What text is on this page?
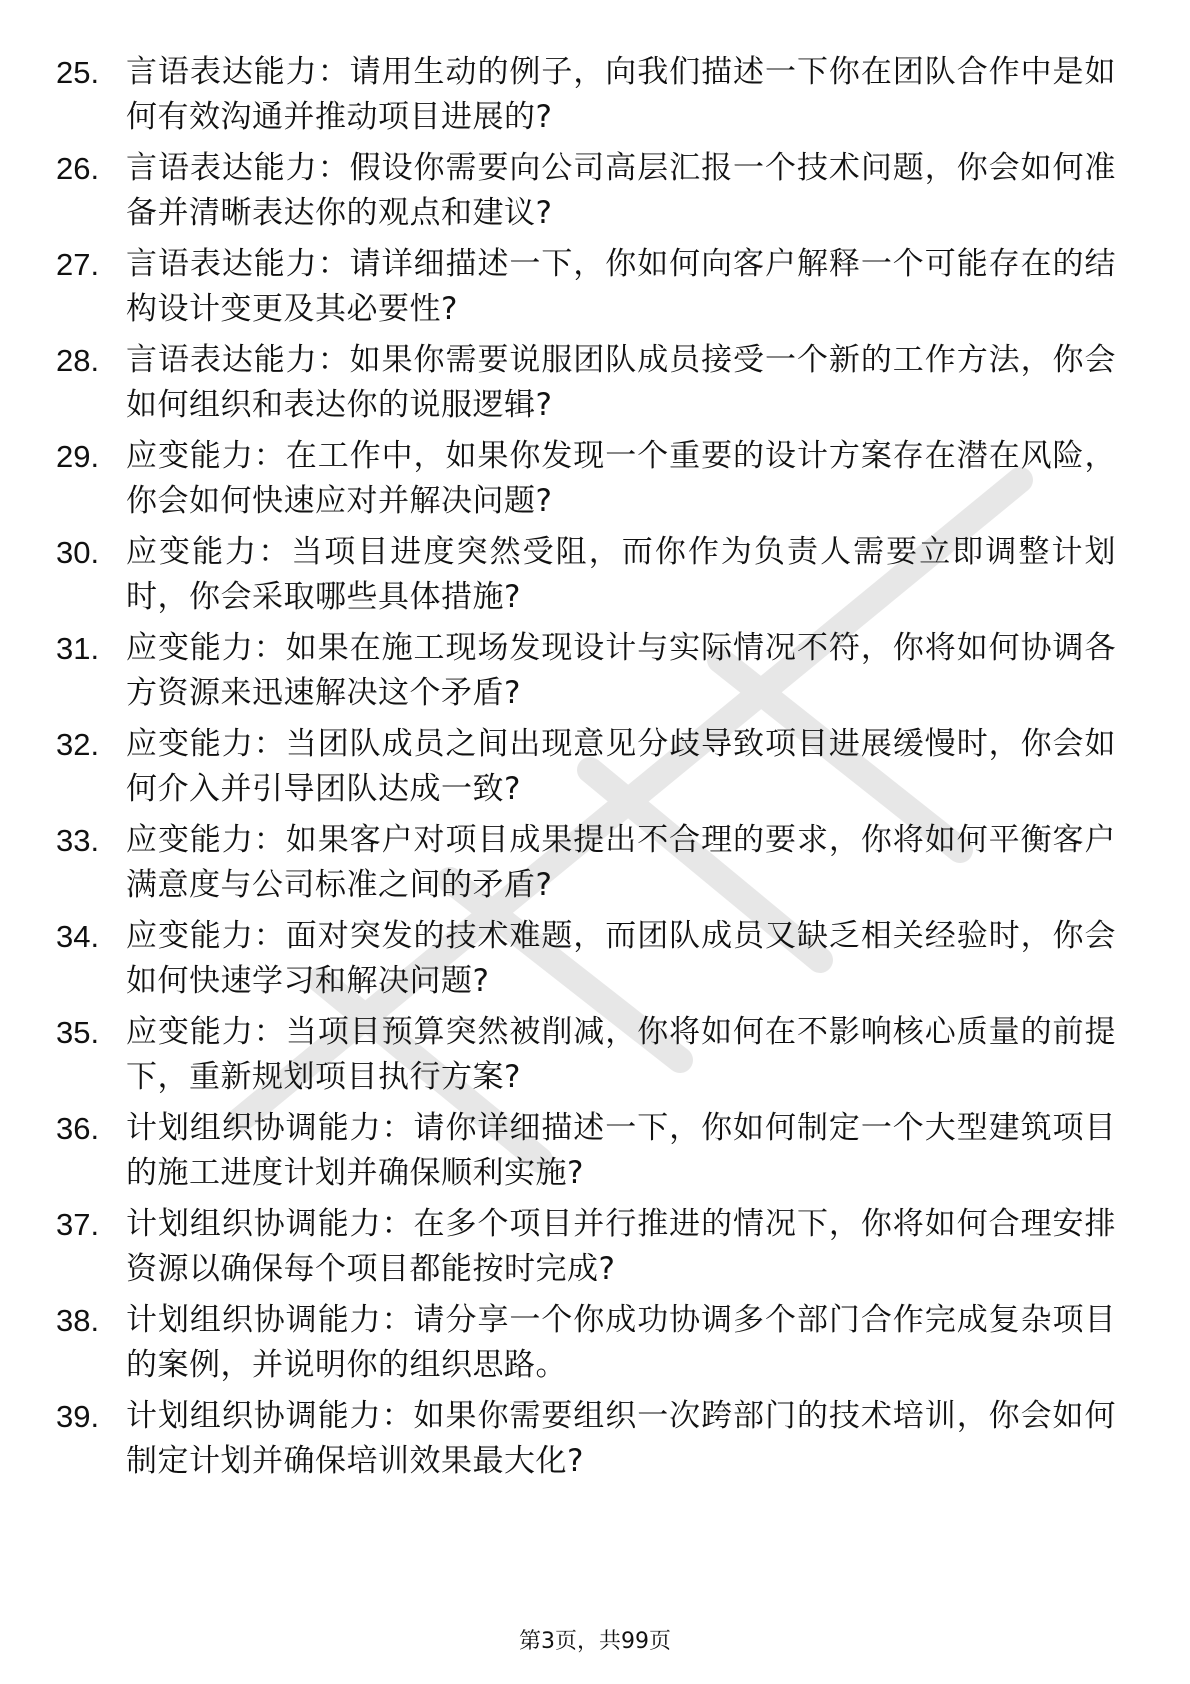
25. 言语表达能力：请用生动的例子，向我们描述一下你在团队合作中是如何有效沟通并推动项目进展的?
26. 言语表达能力：假设你需要向公司高层汇报一个技术问题，你会如何准备并清晰表达你的观点和建议?
27. 言语表达能力：请详细描述一下，你如何向客户解释一个可能存在的结构设计变更及其必要性?
28. 言语表达能力：如果你需要说服团队成员接受一个新的工作方法，你会如何组织和表达你的说服逻辑?
29. 应变能力：在工作中，如果你发现一个重要的设计方案存在潜在风险，你会如何快速应对并解决问题?
30. 应变能力：当项目进度突然受阻，而你作为负责人需要立即调整计划时，你会采取哪些具体措施?
31. 应变能力：如果在施工现场发现设计与实际情况不符，你将如何协调各方资源来迅速解决这个矛盾?
32. 应变能力：当团队成员之间出现意见分歧导致项目进展缓慢时，你会如何介入并引导团队达成一致?
33. 应变能力：如果客户对项目成果提出不合理的要求，你将如何平衡客户满意度与公司标准之间的矛盾?
34. 应变能力：面对突发的技术难题，而团队成员又缺乏相关经验时，你会如何快速学习和解决问题?
35. 应变能力：当项目预算突然被削减，你将如何在不影响核心质量的前提下，重新规划项目执行方案?
36. 计划组织协调能力：请你详细描述一下，你如何制定一个大型建筑项目的施工进度计划并确保顺利实施?
37. 计划组织协调能力：在多个项目并行推进的情况下，你将如何合理安排资源以确保每个项目都能按时完成?
38. 计划组织协调能力：请分享一个你成功协调多个部门合作完成复杂项目的案例，并说明你的组织思路。
39. 计划组织协调能力：如果你需要组织一次跨部门的技术培训，你会如何制定计划并确保培训效果最大化?
第3页，共99页
